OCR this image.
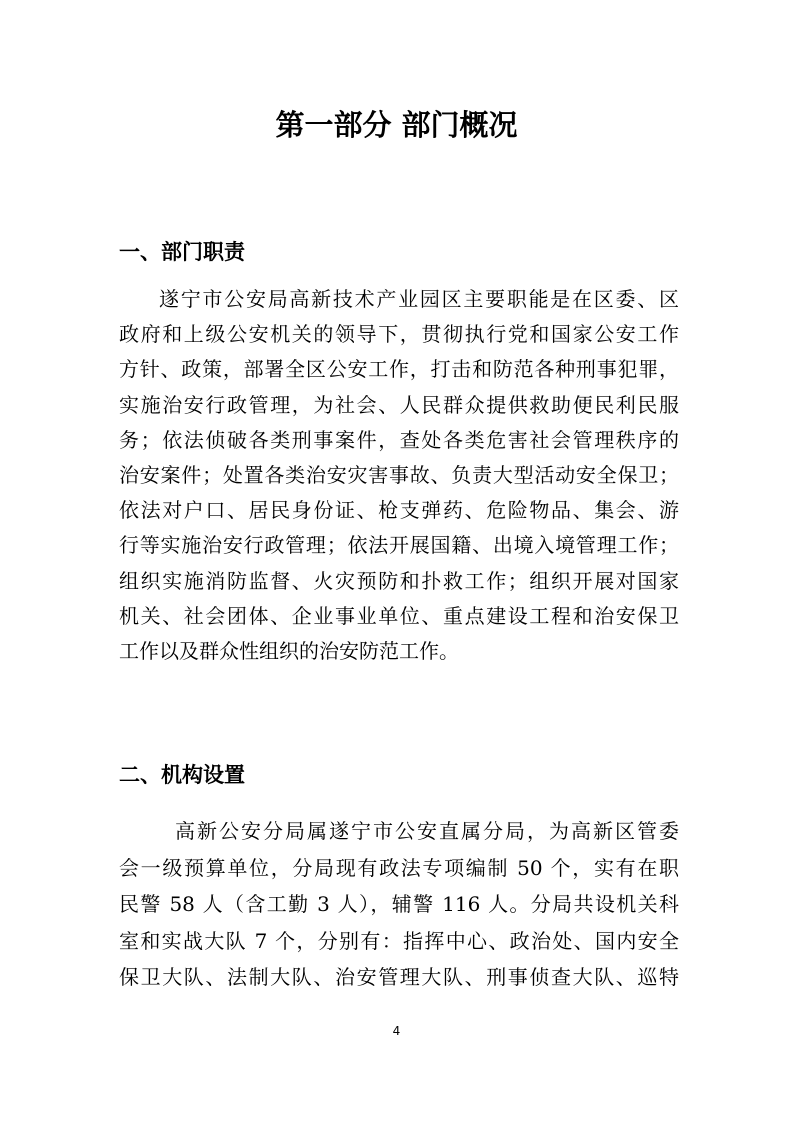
第一部分 部门概况
一、部门职责
遂宁市公安局高新技术产业园区主要职能是在区委、区
政府和上级公安机关的领导下，贯彻执行党和国家公安工作
方针、政策，部署全区公安工作，打击和防范各种刑事犯罪，
实施治安行政管理，为社会、人民群众提供救助便民利民服
务；依法侦破各类刑事案件，查处各类危害社会管理秩序的
治安案件；处置各类治安灾害事故、负责大型活动安全保卫；
依法对户口、居民身份证、枪支弹药、危险物品、集会、游
行等实施治安行政管理；依法开展国籍、出境入境管理工作；
组织实施消防监督、火灾预防和扑救工作；组织开展对国家
机关、社会团体、企业事业单位、重点建设工程和治安保卫
工作以及群众性组织的治安防范工作。
二、机构设置
高新公安分局属遂宁市公安直属分局，为高新区管委
会一级预算单位，分局现有政法专项编制 50 个，实有在职
民警 58 人（含工勤 3 人），辅警 116 人。分局共设机关科
室和实战大队 7 个，分别有：指挥中心、政治处、国内安全
保卫大队、法制大队、治安管理大队、刑事侦查大队、巡特
4
